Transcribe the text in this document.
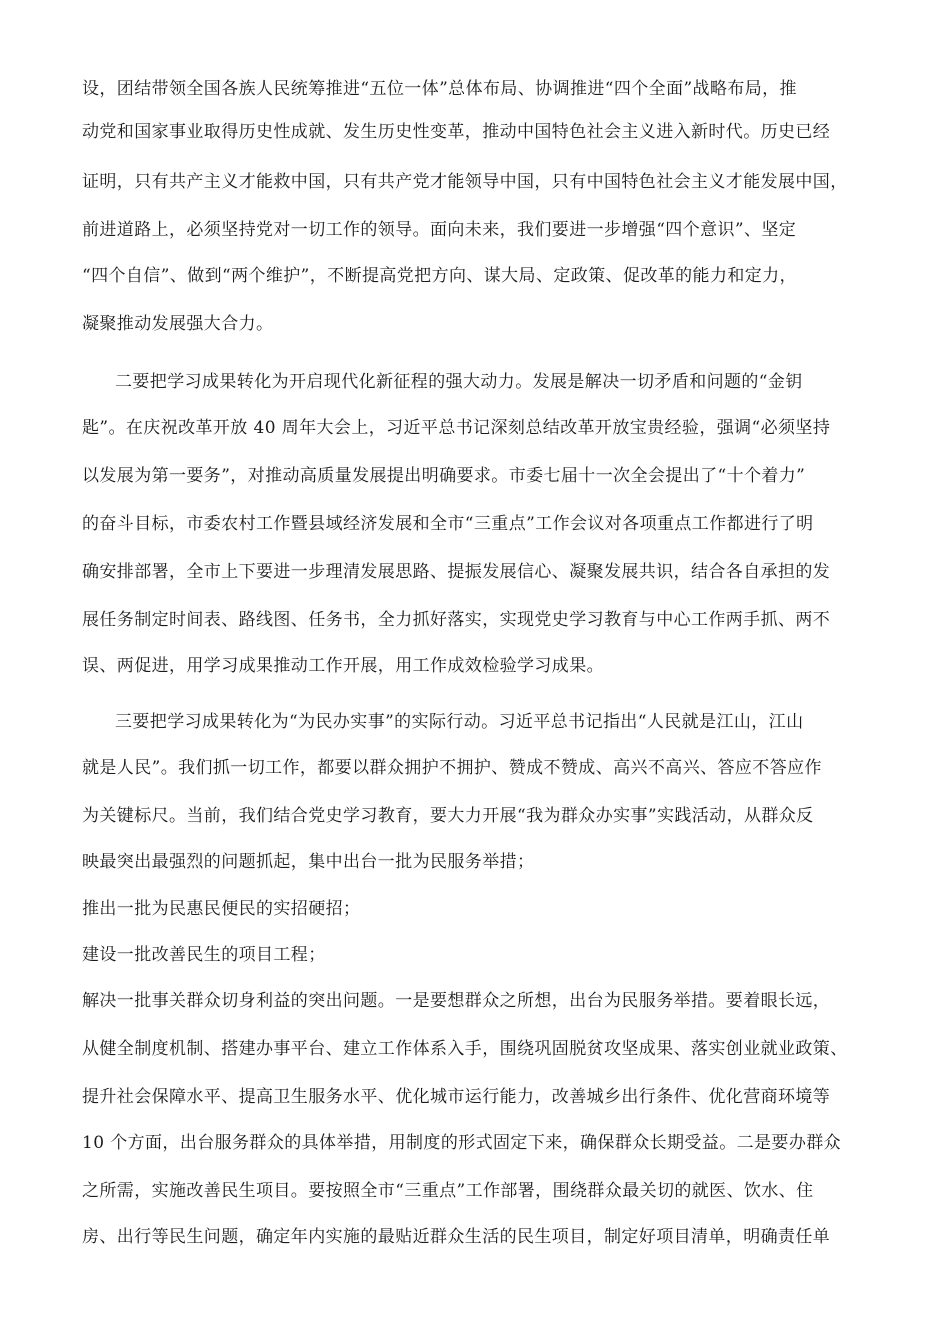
设，团结带领全国各族人民统筹推进“五位一体”总体布局、协调推进“四个全面”战略布局，推
动党和国家事业取得历史性成就、发生历史性变革，推动中国特色社会主义进入新时代。历史已经
证明，只有共产主义才能救中国，只有共产党才能领导中国，只有中国特色社会主义才能发展中国，
前进道路上，必须坚持党对一切工作的领导。面向未来，我们要进一步增强“四个意识”、坚定
“四个自信”、做到“两个维护”，不断提高党把方向、谋大局、定政策、促改革的能力和定力，
凝聚推动发展强大合力。
二要把学习成果转化为开启现代化新征程的强大动力。发展是解决一切矛盾和问题的“金钥
匙”。在庆祝改革开放 40 周年大会上，习近平总书记深刻总结改革开放宝贵经验，强调“必须坚持
以发展为第一要务”，对推动高质量发展提出明确要求。市委七届十一次全会提出了“十个着力”
的奋斗目标，市委农村工作暨县域经济发展和全市“三重点”工作会议对各项重点工作都进行了明
确安排部署，全市上下要进一步理清发展思路、提振发展信心、凝聚发展共识，结合各自承担的发
展任务制定时间表、路线图、任务书，全力抓好落实，实现党史学习教育与中心工作两手抓、两不
误、两促进，用学习成果推动工作开展，用工作成效检验学习成果。
三要把学习成果转化为“为民办实事”的实际行动。习近平总书记指出“人民就是江山，江山
就是人民”。我们抓一切工作，都要以群众拥护不拥护、赞成不赞成、高兴不高兴、答应不答应作
为关键标尺。当前，我们结合党史学习教育，要大力开展“我为群众办实事”实践活动，从群众反
映最突出最强烈的问题抓起，集中出台一批为民服务举措；
推出一批为民惠民便民的实招硬招；
建设一批改善民生的项目工程；
解决一批事关群众切身利益的突出问题。一是要想群众之所想，出台为民服务举措。要着眼长远，
从健全制度机制、搭建办事平台、建立工作体系入手，围绕巩固脱贫攻坚成果、落实创业就业政策、
提升社会保障水平、提高卫生服务水平、优化城市运行能力，改善城乡出行条件、优化营商环境等
10 个方面，出台服务群众的具体举措，用制度的形式固定下来，确保群众长期受益。二是要办群众
之所需，实施改善民生项目。要按照全市“三重点”工作部署，围绕群众最关切的就医、饮水、住
房、出行等民生问题，确定年内实施的最贴近群众生活的民生项目，制定好项目清单，明确责任单
